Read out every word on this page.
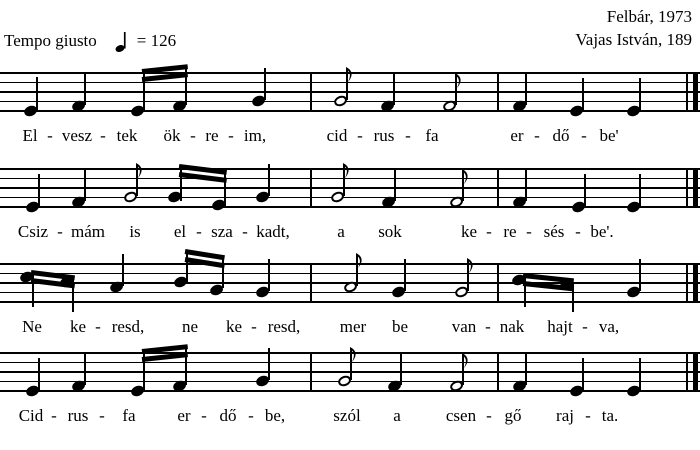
Felbár, 1973
Vajas István, 189
Tempo giusto = 126
El - vesz - tek ök - re - im,	cid - rus - fa	er - dő - be'
Csiz - mám is el - sza - kadt,	a sok	ke - re - sés - be'.
Ne ke - resd, ne ke - resd, mer be	van - nak hajt - va,
Cid - rus - fa er - dő - be,	szól a	csen - gő raj - ta.
